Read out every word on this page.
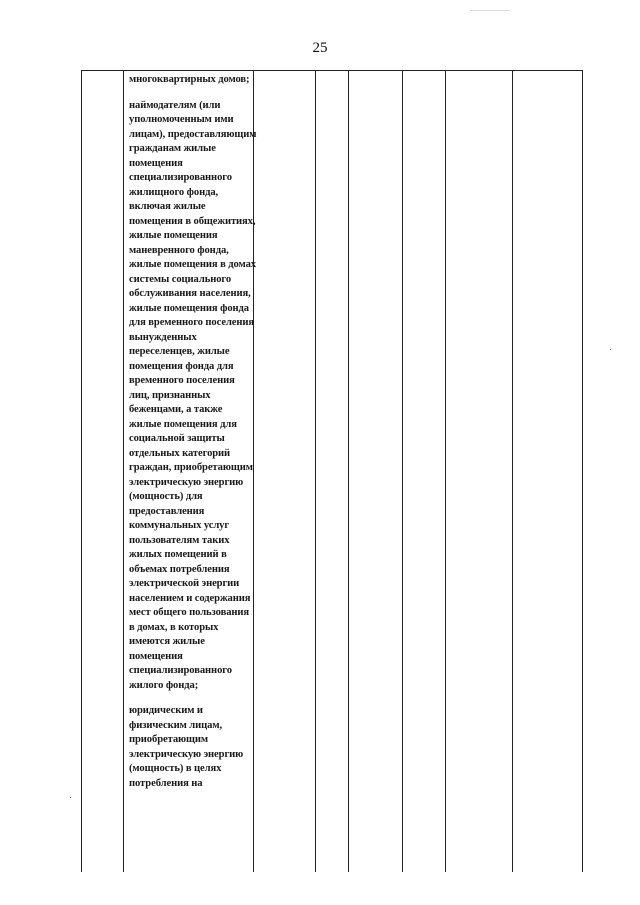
25

многоквартирных домов;

наймодателям (или уполномоченным ими лицам), предоставляющим гражданам жилые помещения специализированного жилищного фонда, включая жилые помещения в общежитиях, жилые помещения маневренного фонда, жилые помещения в домах системы социального обслуживания населения, жилые помещения фонда для временного поселения вынужденных переселенцев, жилые помещения фонда для временного поселения лиц, признанных беженцами, а также жилые помещения для социальной защиты отдельных категорий граждан, приобретающим электрическую энергию (мощность) для предоставления коммунальных услуг пользователям таких жилых помещений в объемах потребления электрической энергии населением и содержания мест общего пользования в домах, в которых имеются жилые помещения специализированного жилого фонда;

юридическим и физическим лицам, приобретающим электрическую энергию (мощность) в целях потребления на
